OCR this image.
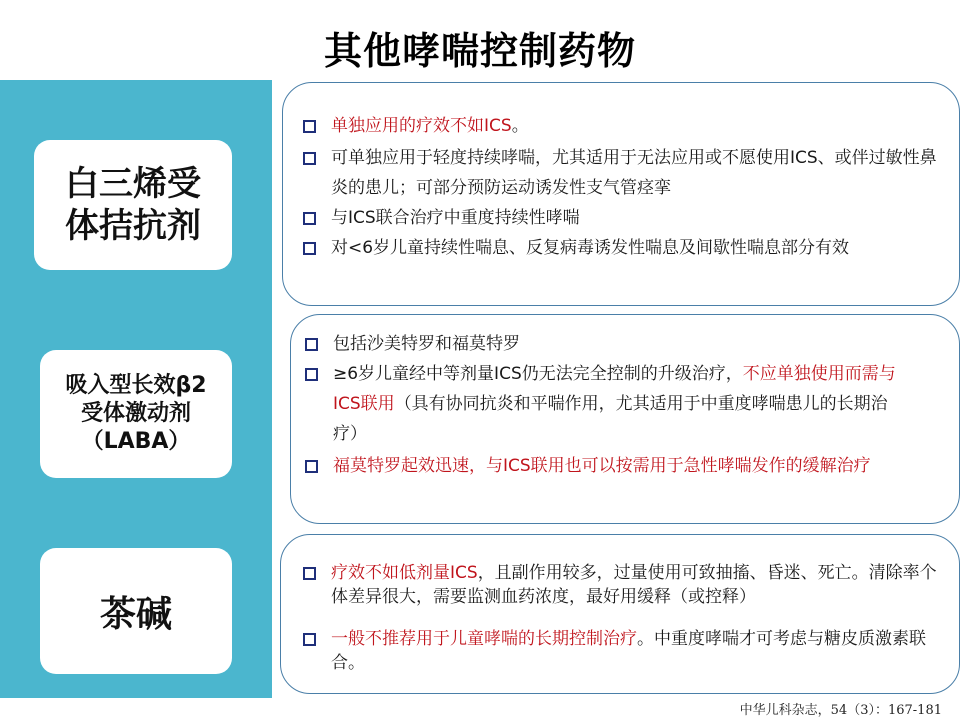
其他哮喘控制药物
白三烯受
体拮抗剂
吸入型长效β2
受体激动剂
（LABA）
茶碱
单独应用的疗效不如ICS。
可单独应用于轻度持续哮喘，尤其适用于无法应用或不愿使用ICS、或伴过敏性鼻炎的患儿；可部分预防运动诱发性支气管痉挛
与ICS联合治疗中重度持续性哮喘
对<6岁儿童持续性喘息、反复病毒诱发性喘息及间歇性喘息部分有效
包括沙美特罗和福莫特罗
≥6岁儿童经中等剂量ICS仍无法完全控制的升级治疗，不应单独使用而需与ICS联用（具有协同抗炎和平喘作用，尤其适用于中重度哮喘患儿的长期治疗）
福莫特罗起效迅速，与ICS联用也可以按需用于急性哮喘发作的缓解治疗
疗效不如低剂量ICS，且副作用较多，过量使用可致抽搐、昏迷、死亡。清除率个体差异很大，需要监测血药浓度，最好用缓释（或控释）
一般不推荐用于儿童哮喘的长期控制治疗。中重度哮喘才可考虑与糖皮质激素联合。
中华儿科杂志，54（3）：167-181
